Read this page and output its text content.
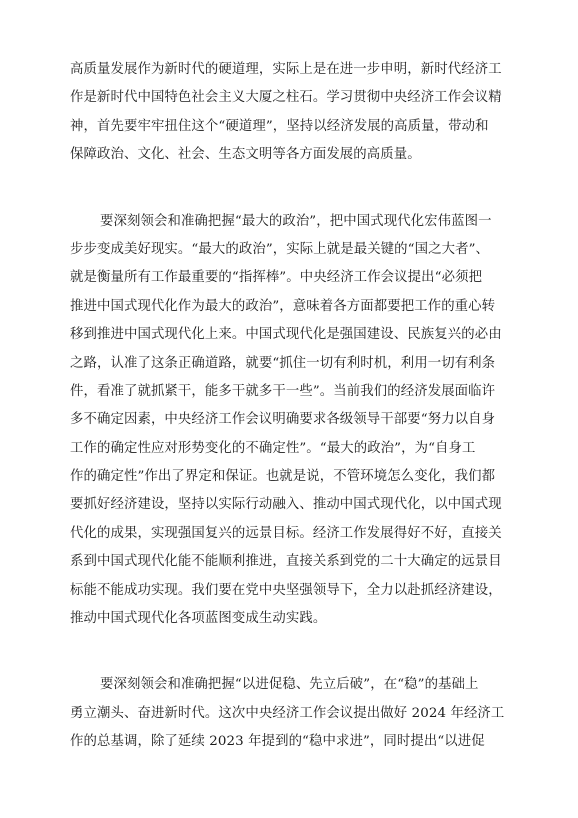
高质量发展作为新时代的硬道理，实际上是在进一步申明，新时代经济工
作是新时代中国特色社会主义大厦之柱石。学习贯彻中央经济工作会议精
神，首先要牢牢扭住这个“硬道理”，坚持以经济发展的高质量，带动和
保障政治、文化、社会、生态文明等各方面发展的高质量。
要深刻领会和准确把握“最大的政治”，把中国式现代化宏伟蓝图一
步步变成美好现实。“最大的政治”，实际上就是最关键的“国之大者”、
就是衡量所有工作最重要的“指挥棒”。中央经济工作会议提出“必须把
推进中国式现代化作为最大的政治”，意味着各方面都要把工作的重心转
移到推进中国式现代化上来。中国式现代化是强国建设、民族复兴的必由
之路，认准了这条正确道路，就要“抓住一切有利时机，利用一切有利条
件，看准了就抓紧干，能多干就多干一些”。当前我们的经济发展面临许
多不确定因素，中央经济工作会议明确要求各级领导干部要“努力以自身
工作的确定性应对形势变化的不确定性”。“最大的政治”，为“自身工
作的确定性”作出了界定和保证。也就是说，不管环境怎么变化，我们都
要抓好经济建设，坚持以实际行动融入、推动中国式现代化，以中国式现
代化的成果，实现强国复兴的远景目标。经济工作发展得好不好，直接关
系到中国式现代化能不能顺利推进，直接关系到党的二十大确定的远景目
标能不能成功实现。我们要在党中央坚强领导下，全力以赴抓经济建设，
推动中国式现代化各项蓝图变成生动实践。
要深刻领会和准确把握“以进促稳、先立后破”，在“稳”的基础上
勇立潮头、奋进新时代。这次中央经济工作会议提出做好 2024 年经济工
作的总基调，除了延续 2023 年提到的“稳中求进”，同时提出“以进促
